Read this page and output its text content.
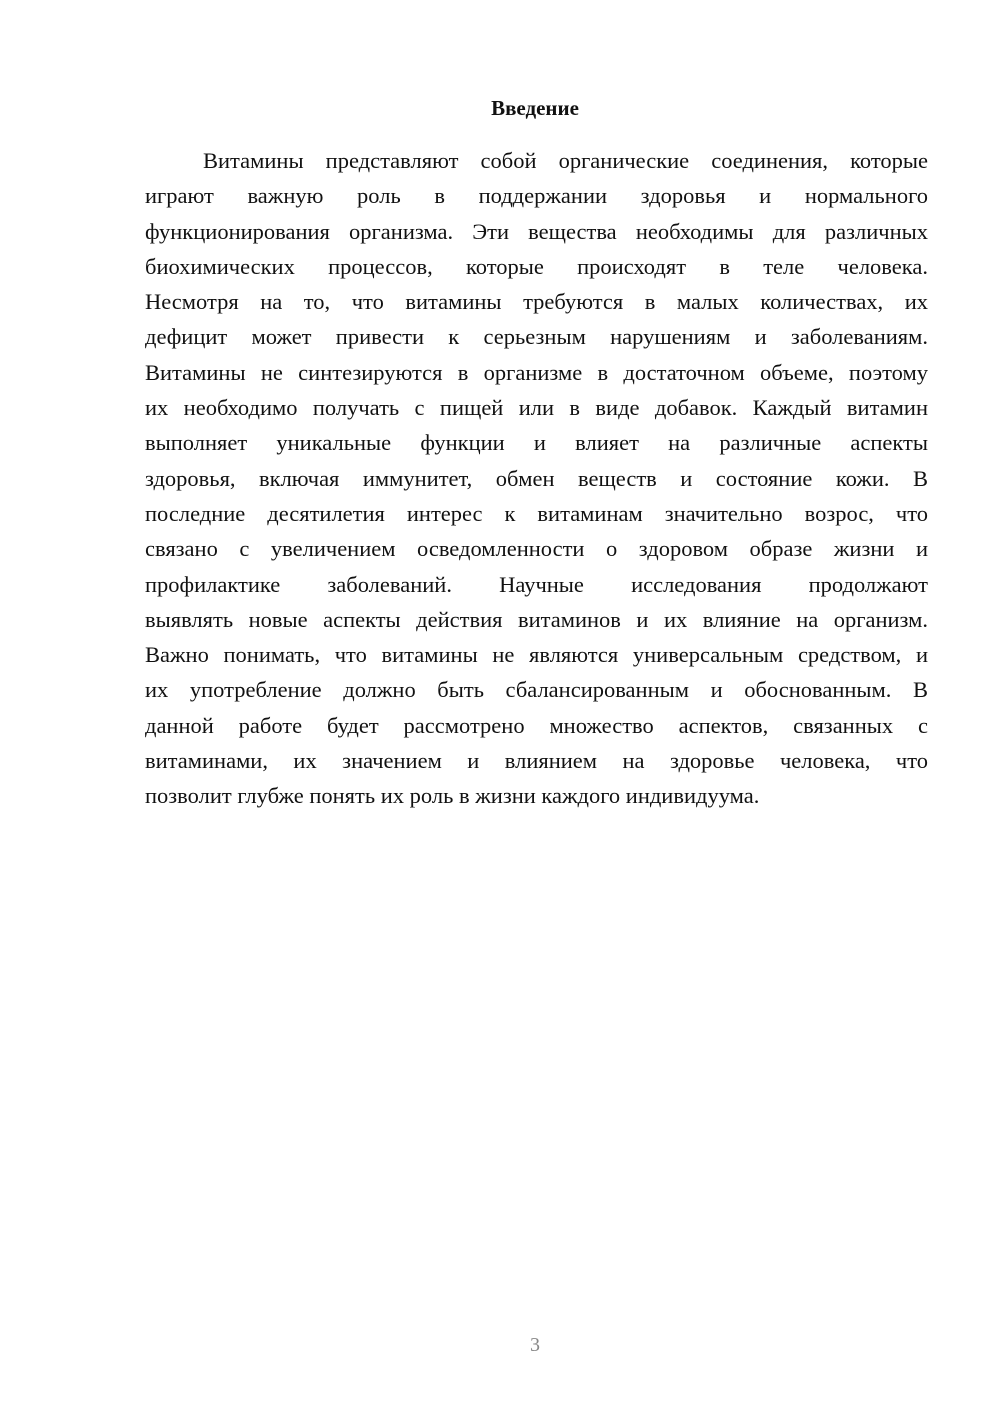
Введение
Витамины представляют собой органические соединения, которые
играют важную роль в поддержании здоровья и нормального
функционирования организма. Эти вещества необходимы для различных
биохимических процессов, которые происходят в теле человека.
Несмотря на то, что витамины требуются в малых количествах, их
дефицит может привести к серьезным нарушениям и заболеваниям.
Витамины не синтезируются в организме в достаточном объеме, поэтому
их необходимо получать с пищей или в виде добавок. Каждый витамин
выполняет уникальные функции и влияет на различные аспекты
здоровья, включая иммунитет, обмен веществ и состояние кожи. В
последние десятилетия интерес к витаминам значительно возрос, что
связано с увеличением осведомленности о здоровом образе жизни и
профилактике заболеваний. Научные исследования продолжают
выявлять новые аспекты действия витаминов и их влияние на организм.
Важно понимать, что витамины не являются универсальным средством, и
их употребление должно быть сбалансированным и обоснованным. В
данной работе будет рассмотрено множество аспектов, связанных с
витаминами, их значением и влиянием на здоровье человека, что
позволит глубже понять их роль в жизни каждого индивидуума.
3
